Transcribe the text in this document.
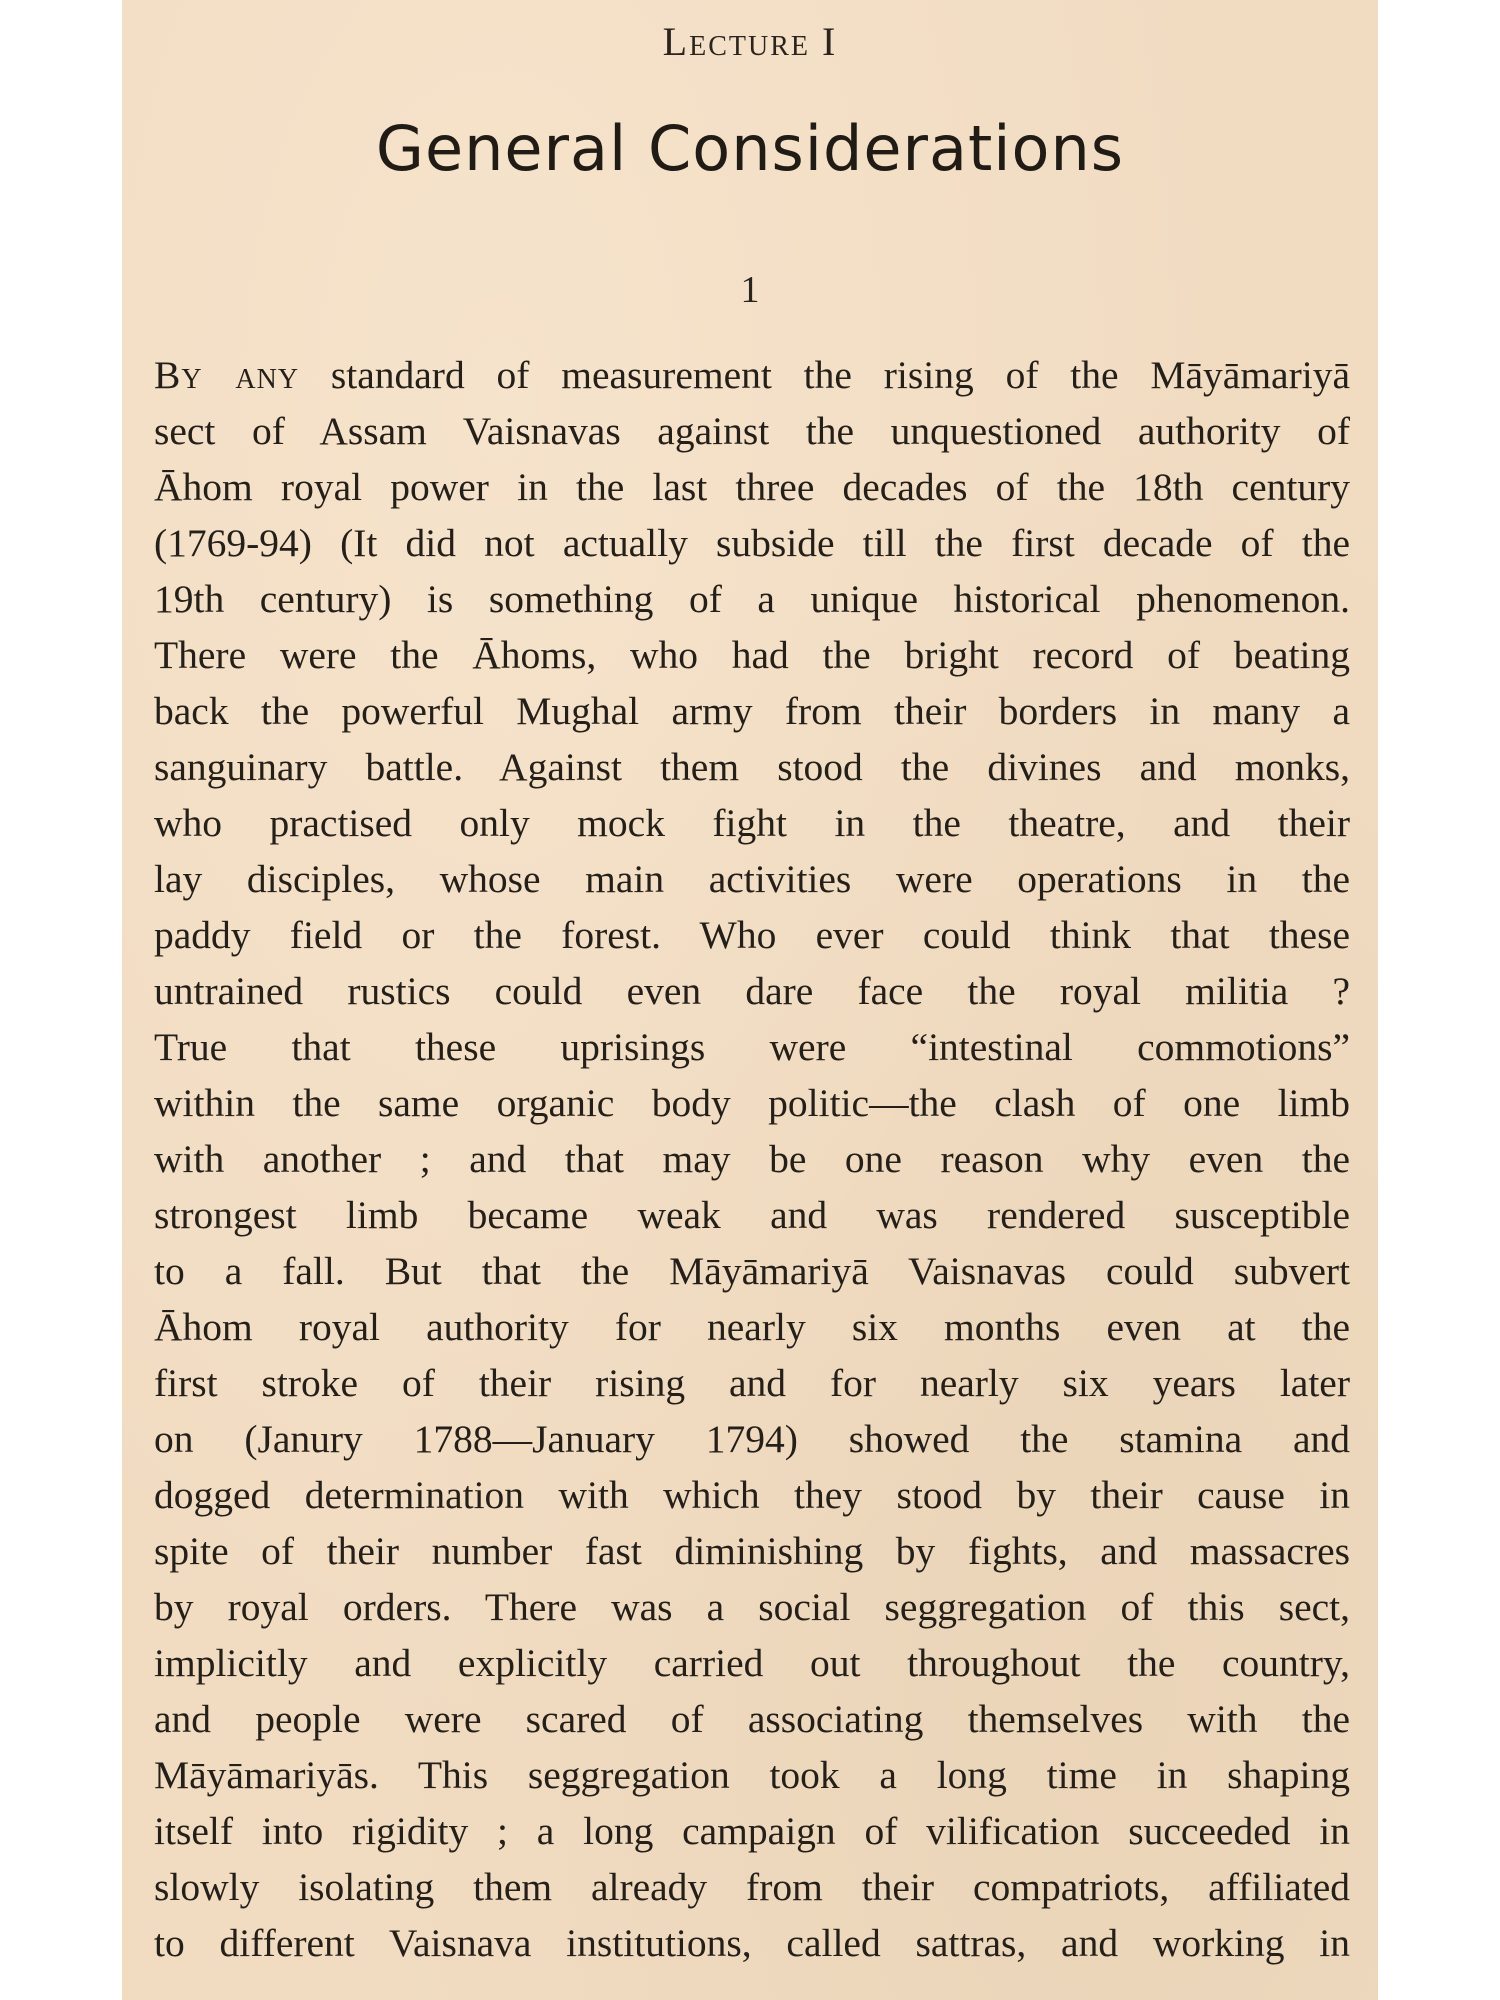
Lecture I
General Considerations
1
By any standard of measurement the rising of the Māyāmariyā
sect of Assam Vaisnavas against the unquestioned authority of
Āhom royal power in the last three decades of the 18th century
(1769-94) (It did not actually subside till the first decade of the
19th century) is something of a unique historical phenomenon.
There were the Āhoms, who had the bright record of beating
back the powerful Mughal army from their borders in many a
sanguinary battle. Against them stood the divines and monks,
who practised only mock fight in the theatre, and their
lay disciples, whose main activities were operations in the
paddy field or the forest. Who ever could think that these
untrained rustics could even dare face the royal militia ?
True that these uprisings were “intestinal commotions”
within the same organic body politic—the clash of one limb
with another ; and that may be one reason why even the
strongest limb became weak and was rendered susceptible
to a fall. But that the Māyāmariyā Vaisnavas could subvert
Āhom royal authority for nearly six months even at the
first stroke of their rising and for nearly six years later
on (Janury 1788—January 1794) showed the stamina and
dogged determination with which they stood by their cause in
spite of their number fast diminishing by fights, and massacres
by royal orders. There was a social seggregation of this sect,
implicitly and explicitly carried out throughout the country,
and people were scared of associating themselves with the
Māyāmariyās. This seggregation took a long time in shaping
itself into rigidity ; a long campaign of vilification succeeded in
slowly isolating them already from their compatriots, affiliated
to different Vaisnava institutions, called sattras, and working in
